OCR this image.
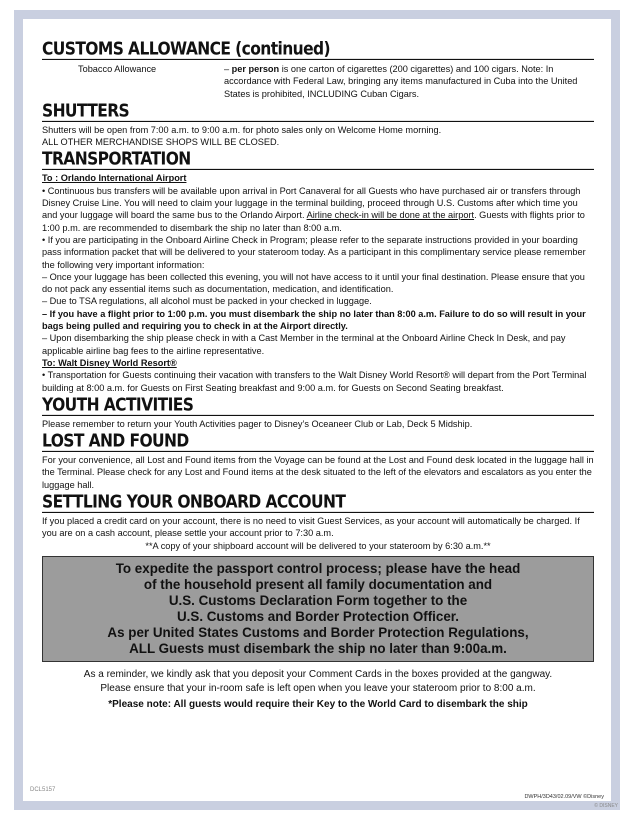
CUSTOMS ALLOWANCE (continued)
Tobacco Allowance	– per person is one carton of cigarettes (200 cigarettes) and 100 cigars. Note: In accordance with Federal Law, bringing any items manufactured in Cuba into the United States is prohibited, INCLUDING Cuban Cigars.
SHUTTERS

Shutters will be open from 7:00 a.m. to 9:00 a.m. for photo sales only on Welcome Home morning.

ALL OTHER MERCHANDISE SHOPS WILL BE CLOSED.

TRANSPORTATION

To : Orlando International Airport

• Continuous bus transfers will be available upon arrival in Port Canaveral for all Guests who have purchased air or transfers through Disney Cruise Line. You will need to claim your luggage in the terminal building, proceed through U.S. Customs after which time you and your luggage will board the same bus to the Orlando Airport. Airline check-in will be done at the airport. Guests with flights prior to 1:00 p.m. are recommended to disembark the ship no later than 8:00 a.m.

• If you are participating in the Onboard Airline Check in Program; please refer to the separate instructions provided in your boarding pass information packet that will be delivered to your stateroom today. As a participant in this complimentary service please remember the following very important information:

– Once your luggage has been collected this evening, you will not have access to it until your final destination. Please ensure that you do not pack any essential items such as documentation, medication, and identification.

– Due to TSA regulations, all alcohol must be packed in your checked in luggage.

– If you have a flight prior to 1:00 p.m. you must disembark the ship no later than 8:00 a.m. Failure to do so will result in your bags being pulled and requiring you to check in at the Airport directly.

– Upon disembarking the ship please check in with a Cast Member in the terminal at the Onboard Airline Check In Desk, and pay applicable airline bag fees to the airline representative.

To: Walt Disney World Resort®

• Transportation for Guests continuing their vacation with transfers to the Walt Disney World Resort® will depart from the Port Terminal building at 8:00 a.m. for Guests on First Seating breakfast and 9:00 a.m. for Guests on Second Seating breakfast.

YOUTH ACTIVITIES

Please remember to return your Youth Activities pager to Disney’s Oceaneer Club or Lab, Deck 5 Midship.

LOST AND FOUND

For your convenience, all Lost and Found items from the Voyage can be found at the Lost and Found desk located in the luggage hall in the Terminal. Please check for any Lost and Found items at the desk situated to the left of the elevators and escalators as you enter the luggage hall.

SETTLING YOUR ONBOARD ACCOUNT

If you placed a credit card on your account, there is no need to visit Guest Services, as your account will automatically be charged. If you are on a cash account, please settle your account prior to 7:30 a.m.

**A copy of your shipboard account will be delivered to your stateroom by 6:30 a.m.**

To expedite the passport control process; please have the head
of the household present all family documentation and
U.S. Customs Declaration Form together to the
U.S. Customs and Border Protection Officer.
As per United States Customs and Border Protection Regulations,
ALL Guests must disembark the ship no later than 9:00a.m.
As a reminder, we kindly ask that you deposit your Comment Cards in the boxes provided at the gangway.
Please ensure that your in-room safe is left open when you leave your stateroom prior to 8:00 a.m.
*Please note: All guests would require their Key to the World Card to disembark the ship
DCL5157
DWPH/3D43/02.09/VW ©Disney
© DISNEY
